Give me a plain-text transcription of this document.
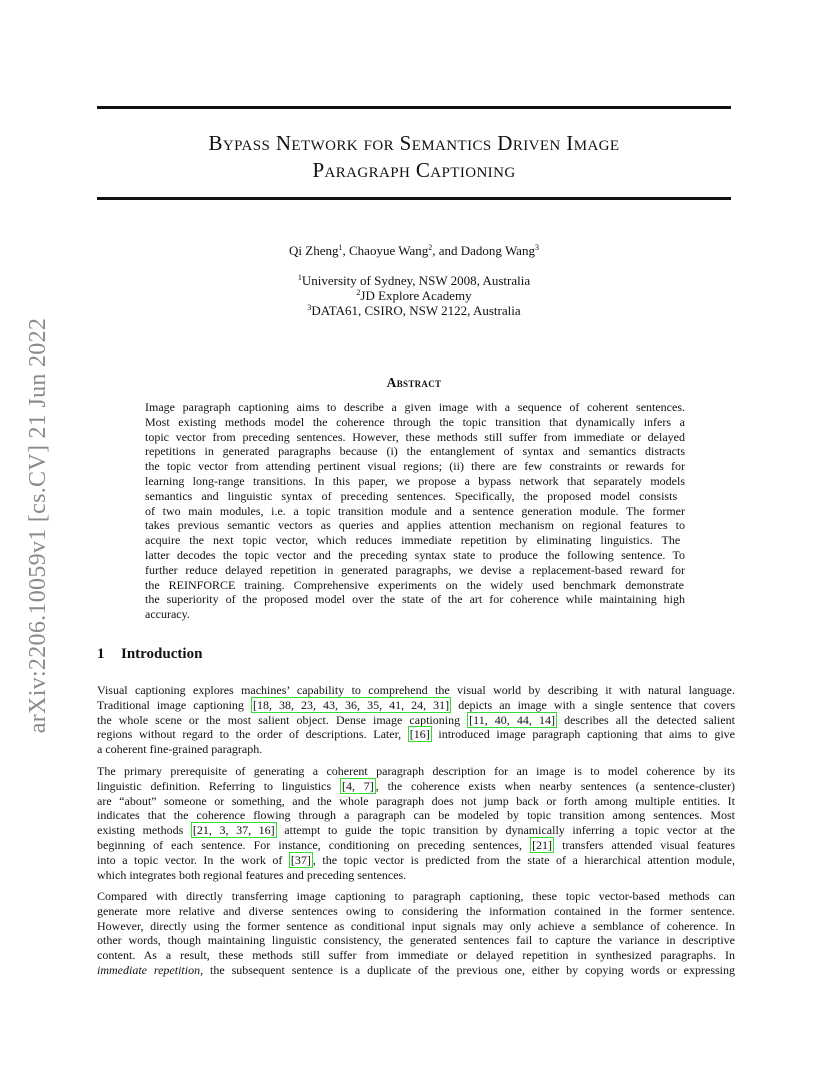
arXiv:2206.10059v1 [cs.CV] 21 Jun 2022
Bypass Network for Semantics Driven Image
Paragraph Captioning
Qi Zheng$^1$, Chaoyue Wang$^2$, and Dadong Wang$^3$
$^1$University of Sydney, NSW 2008, Australia
$^2$JD Explore Academy
$^3$DATA61, CSIRO, NSW 2122, Australia
Abstract
Image paragraph captioning aims to describe a given image with a sequence of coherent sentences.
Most existing methods model the coherence through the topic transition that dynamically infers a
topic vector from preceding sentences. However, these methods still suffer from immediate or delayed
repetitions in generated paragraphs because (i) the entanglement of syntax and semantics distracts
the topic vector from attending pertinent visual regions; (ii) there are few constraints or rewards for
learning long-range transitions. In this paper, we propose a bypass network that separately models
semantics and linguistic syntax of preceding sentences. Specifically, the proposed model consists
of two main modules, i.e. a topic transition module and a sentence generation module. The former
takes previous semantic vectors as queries and applies attention mechanism on regional features to
acquire the next topic vector, which reduces immediate repetition by eliminating linguistics. The
latter decodes the topic vector and the preceding syntax state to produce the following sentence. To
further reduce delayed repetition in generated paragraphs, we devise a replacement-based reward for
the REINFORCE training. Comprehensive experiments on the widely used benchmark demonstrate
the superiority of the proposed model over the state of the art for coherence while maintaining high
accuracy.
1 Introduction
Visual captioning explores machines’ capability to comprehend the visual world by describing it with natural language.
Traditional image captioning [18, 38, 23, 43, 36, 35, 41, 24, 31] depicts an image with a single sentence that covers
the whole scene or the most salient object. Dense image captioning [11, 40, 44, 14] describes all the detected salient
regions without regard to the order of descriptions. Later, [16] introduced image paragraph captioning that aims to give
a coherent fine-grained paragraph.
The primary prerequisite of generating a coherent paragraph description for an image is to model coherence by its
linguistic definition. Referring to linguistics [4, 7] , the coherence exists when nearby sentences (a sentence-cluster)
are “about” someone or something, and the whole paragraph does not jump back or forth among multiple entities. It
indicates that the coherence flowing through a paragraph can be modeled by topic transition among sentences. Most
existing methods [21, 3, 37, 16] attempt to guide the topic transition by dynamically inferring a topic vector at the
beginning of each sentence. For instance, conditioning on preceding sentences, [21] transfers attended visual features
into a topic vector. In the work of [37] , the topic vector is predicted from the state of a hierarchical attention module,
which integrates both regional features and preceding sentences.
Compared with directly transferring image captioning to paragraph captioning, these topic vector-based methods can
generate more relative and diverse sentences owing to considering the information contained in the former sentence.
However, directly using the former sentence as conditional input signals may only achieve a semblance of coherence. In
other words, though maintaining linguistic consistency, the generated sentences fail to capture the variance in descriptive
content. As a result, these methods still suffer from immediate or delayed repetition in synthesized paragraphs. In
immediate repetition, the subsequent sentence is a duplicate of the previous one, either by copying words or expressing
